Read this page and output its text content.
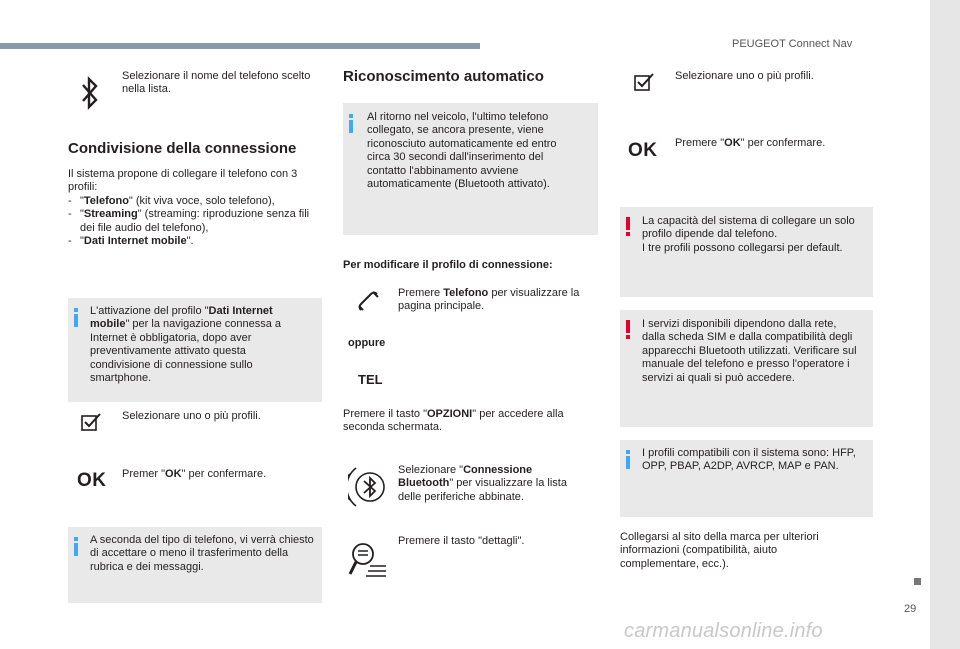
PEUGEOT Connect Nav
29
carmanualsonline.info
Selezionare il nome del telefono scelto nella lista.
Condivisione della connessione
Il sistema propone di collegare il telefono con 3 profili:
- "Telefono" (kit viva voce, solo telefono),
- "Streaming" (streaming: riproduzione senza fili dei file audio del telefono),
- "Dati Internet mobile".
L'attivazione del profilo "Dati Internet mobile" per la navigazione connessa a Internet è obbligatoria, dopo aver preventivamente attivato questa condivisione di connessione sullo smartphone.
Selezionare uno o più profili.
OK Premer "OK" per confermare.
A seconda del tipo di telefono, vi verrà chiesto di accettare o meno il trasferimento della rubrica e dei messaggi.
Riconoscimento automatico
Al ritorno nel veicolo, l'ultimo telefono collegato, se ancora presente, viene riconosciuto automaticamente ed entro circa 30 secondi dall'inserimento del contatto l'abbinamento avviene automaticamente (Bluetooth attivato).
Per modificare il profilo di connessione:
Premere Telefono per visualizzare la pagina principale.
oppure
TEL
Premere il tasto "OPZIONI" per accedere alla seconda schermata.
Selezionare "Connessione Bluetooth" per visualizzare la lista delle periferiche abbinate.
Premere il tasto "dettagli".
Selezionare uno o più profili.
OK Premere "OK" per confermare.
La capacità del sistema di collegare un solo profilo dipende dal telefono.
I tre profili possono collegarsi per default.
I servizi disponibili dipendono dalla rete, dalla scheda SIM e dalla compatibilità degli apparecchi Bluetooth utilizzati. Verificare sul manuale del telefono e presso l'operatore i servizi ai quali si può accedere.
I profili compatibili con il sistema sono: HFP, OPP, PBAP, A2DP, AVRCP, MAP e PAN.
Collegarsi al sito della marca per ulteriori informazioni (compatibilità, aiuto complementare, ecc.).
